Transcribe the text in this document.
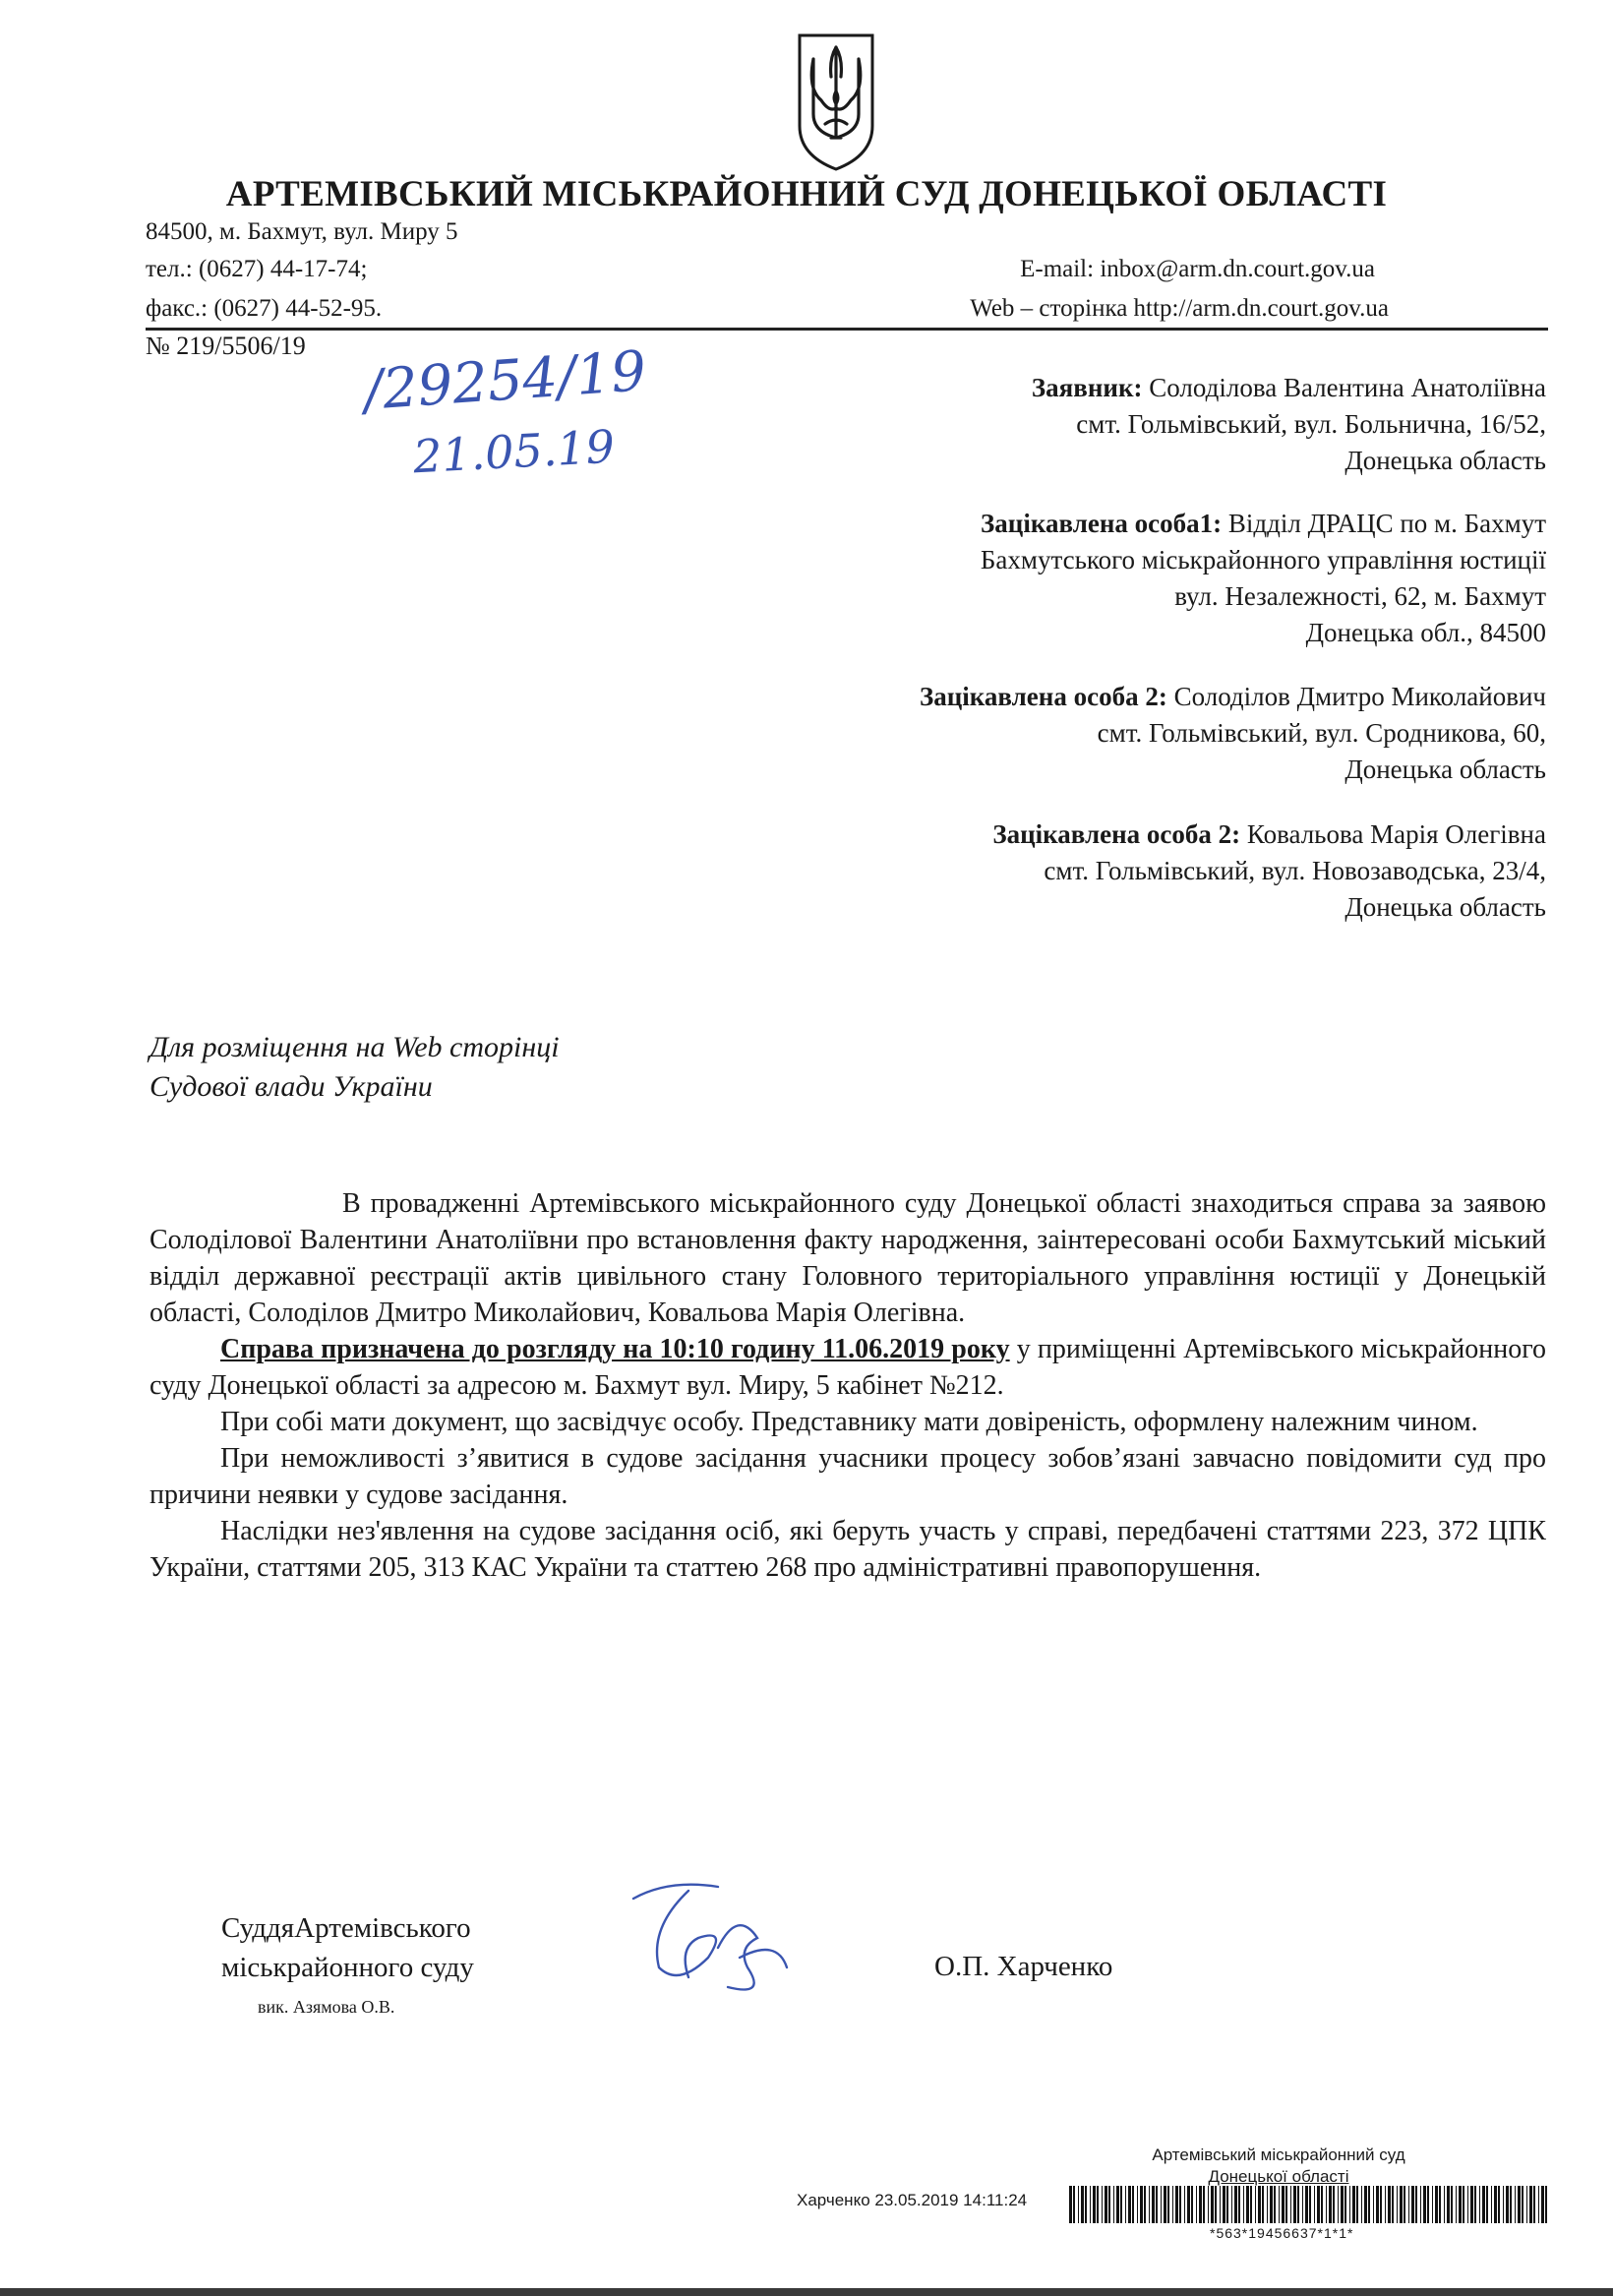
АРТЕМІВСЬКИЙ МІСЬКРАЙОННИЙ СУД ДОНЕЦЬКОЇ ОБЛАСТІ
84500, м. Бахмут, вул. Миру 5
тел.: (0627) 44-17-74;
факс.: (0627) 44-52-95.
E-mail: inbox@arm.dn.court.gov.ua
Web – сторінка http://arm.dn.court.gov.ua
№ 219/5506/19 /29254/19
21.05.19
Заявник: Солоділова Валентина Анатоліївна
смт. Гольмівський, вул. Больнична, 16/52,
Донецька область
Зацікавлена особа1: Відділ ДРАЦС по м. Бахмут
Бахмутського міськрайонного управління юстиції
вул. Незалежності, 62, м. Бахмут
Донецька обл., 84500
Зацікавлена особа 2: Солоділов Дмитро Миколайович
смт. Гольмівський, вул. Сродникова, 60,
Донецька область
Зацікавлена особа 2: Ковальова Марія Олегівна
смт. Гольмівський, вул. Новозаводська, 23/4,
Донецька область
Для розміщення на Web сторінці
Судової влади України

В провадженні Артемівського міськрайонного суду Донецької області знаходиться справа за заявою Солоділової Валентини Анатоліївни про встановлення факту народження, заінтересовані особи Бахмутський міський відділ державної реєстрації актів цивільного стану Головного територіального управління юстиції у Донецькій області, Солоділов Дмитро Миколайович, Ковальова Марія Олегівна.

Справа призначена до розгляду на 10:10 годину 11.06.2019 року у приміщенні Артемівського міськрайонного суду Донецької області за адресою м. Бахмут вул. Миру, 5 кабінет №212.

При собі мати документ, що засвідчує особу. Представнику мати довіреність, оформлену належним чином.

При неможливості з’явитися в судове засідання учасники процесу зобов’язані завчасно повідомити суд про причини неявки у судове засідання.

Наслідки нез'явлення на судове засідання осіб, які беруть участь у справі, передбачені статтями 223, 372 ЦПК України, статтями 205, 313 КАС України та статтею 268 про адміністративні правопорушення.

СуддяАртемівського
міськрайонного суду
вик. Азямова О.В.
О.П. Харченко
Артемівський міськрайонний суд
Донецької області
Харченко 23.05.2019 14:11:24
*563*19456637*1*1*
